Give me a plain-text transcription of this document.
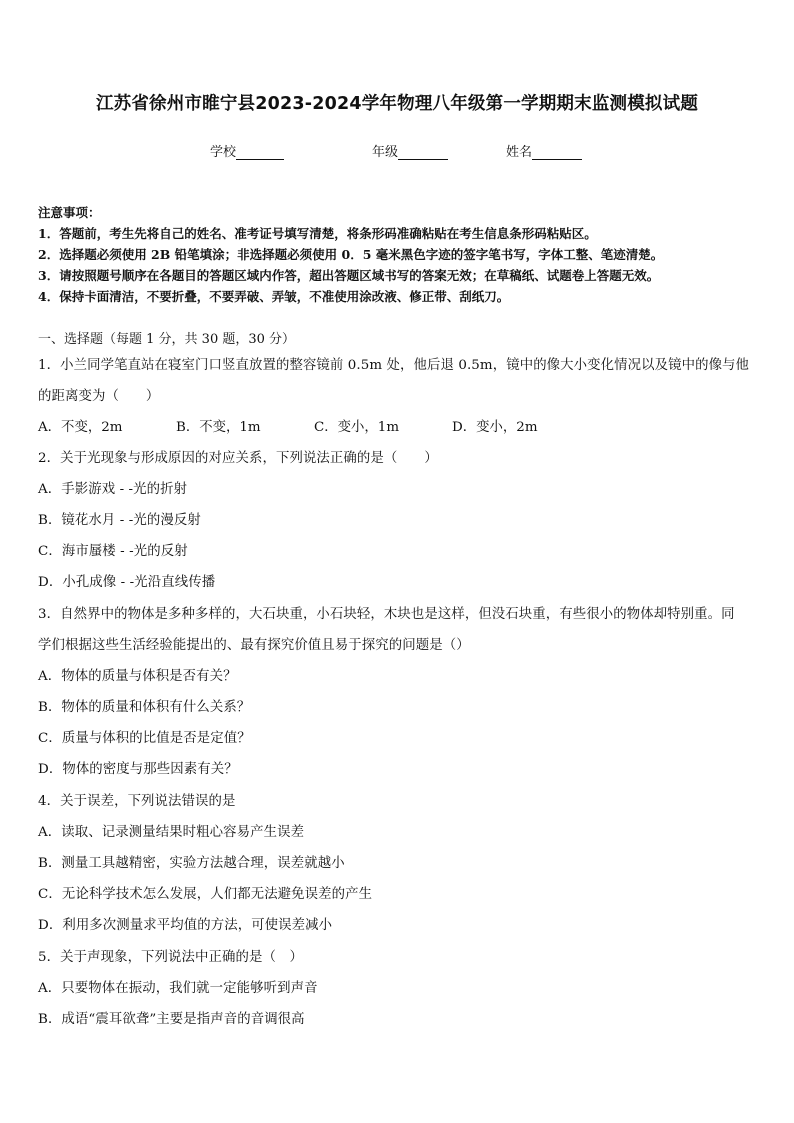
江苏省徐州市睢宁县2023-2024学年物理八年级第一学期期末监测模拟试题
学校	年级	姓名
注意事项：
1．答题前，考生先将自己的姓名、准考证号填写清楚，将条形码准确粘贴在考生信息条形码粘贴区。
2．选择题必须使用 2B 铅笔填涂；非选择题必须使用 0．5 毫米黑色字迹的签字笔书写，字体工整、笔迹清楚。
3．请按照题号顺序在各题目的答题区域内作答，超出答题区域书写的答案无效；在草稿纸、试题卷上答题无效。
4．保持卡面清洁，不要折叠，不要弄破、弄皱，不准使用涂改液、修正带、刮纸刀。
一、选择题（每题 1 分，共 30 题，30 分）
1．小兰同学笔直站在寝室门口竖直放置的整容镜前 0.5m 处，他后退 0.5m，镜中的像大小变化情况以及镜中的像与他
的距离变为（　　）
A．不变，2m	B．不变，1m	C．变小，1m	D．变小，2m
2．关于光现象与形成原因的对应关系，下列说法正确的是（　　）
A．手影游戏 - -光的折射
B．镜花水月 - -光的漫反射
C．海市蜃楼 - -光的反射
D．小孔成像 - -光沿直线传播
3．自然界中的物体是多种多样的，大石块重，小石块轻，木块也是这样，但没石块重，有些很小的物体却特别重。同
学们根据这些生活经验能提出的、最有探究价值且易于探究的问题是（）
A．物体的质量与体积是否有关？
B．物体的质量和体积有什么关系？
C．质量与体积的比值是否是定值？
D．物体的密度与那些因素有关？
4．关于误差，下列说法错误的是
A．读取、记录测量结果时粗心容易产生误差
B．测量工具越精密，实验方法越合理，误差就越小
C．无论科学技术怎么发展，人们都无法避免误差的产生
D．利用多次测量求平均值的方法，可使误差减小
5．关于声现象，下列说法中正确的是（　）
A．只要物体在振动，我们就一定能够听到声音
B．成语“震耳欲聋”主要是指声音的音调很高
